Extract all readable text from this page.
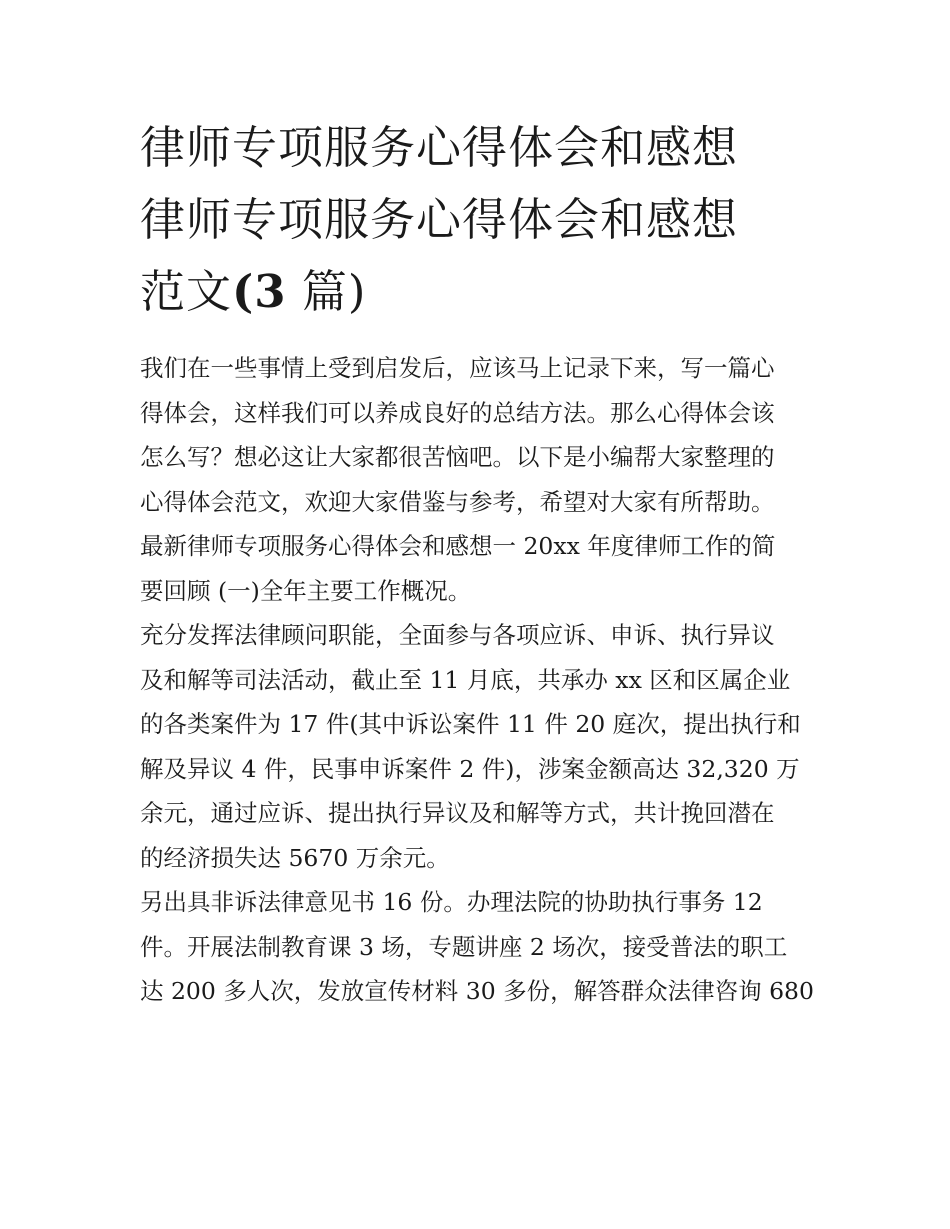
律师专项服务心得体会和感想
律师专项服务心得体会和感想
范文(3 篇)

我们在一些事情上受到启发后，应该马上记录下来，写一篇心
得体会，这样我们可以养成良好的总结方法。那么心得体会该
怎么写？想必这让大家都很苦恼吧。以下是小编帮大家整理的
心得体会范文，欢迎大家借鉴与参考，希望对大家有所帮助。
最新律师专项服务心得体会和感想一 20xx 年度律师工作的简
要回顾 (一)全年主要工作概况。

充分发挥法律顾问职能，全面参与各项应诉、申诉、执行异议
及和解等司法活动，截止至 11 月底，共承办 xx 区和区属企业
的各类案件为 17 件(其中诉讼案件 11 件 20 庭次，提出执行和
解及异议 4 件，民事申诉案件 2 件)，涉案金额高达 32,320 万
余元，通过应诉、提出执行异议及和解等方式，共计挽回潜在
的经济损失达 5670 万余元。

另出具非诉法律意见书 16 份。办理法院的协助执行事务 12
件。开展法制教育课 3 场，专题讲座 2 场次，接受普法的职工
达 200 多人次，发放宣传材料 30 多份，解答群众法律咨询 680
